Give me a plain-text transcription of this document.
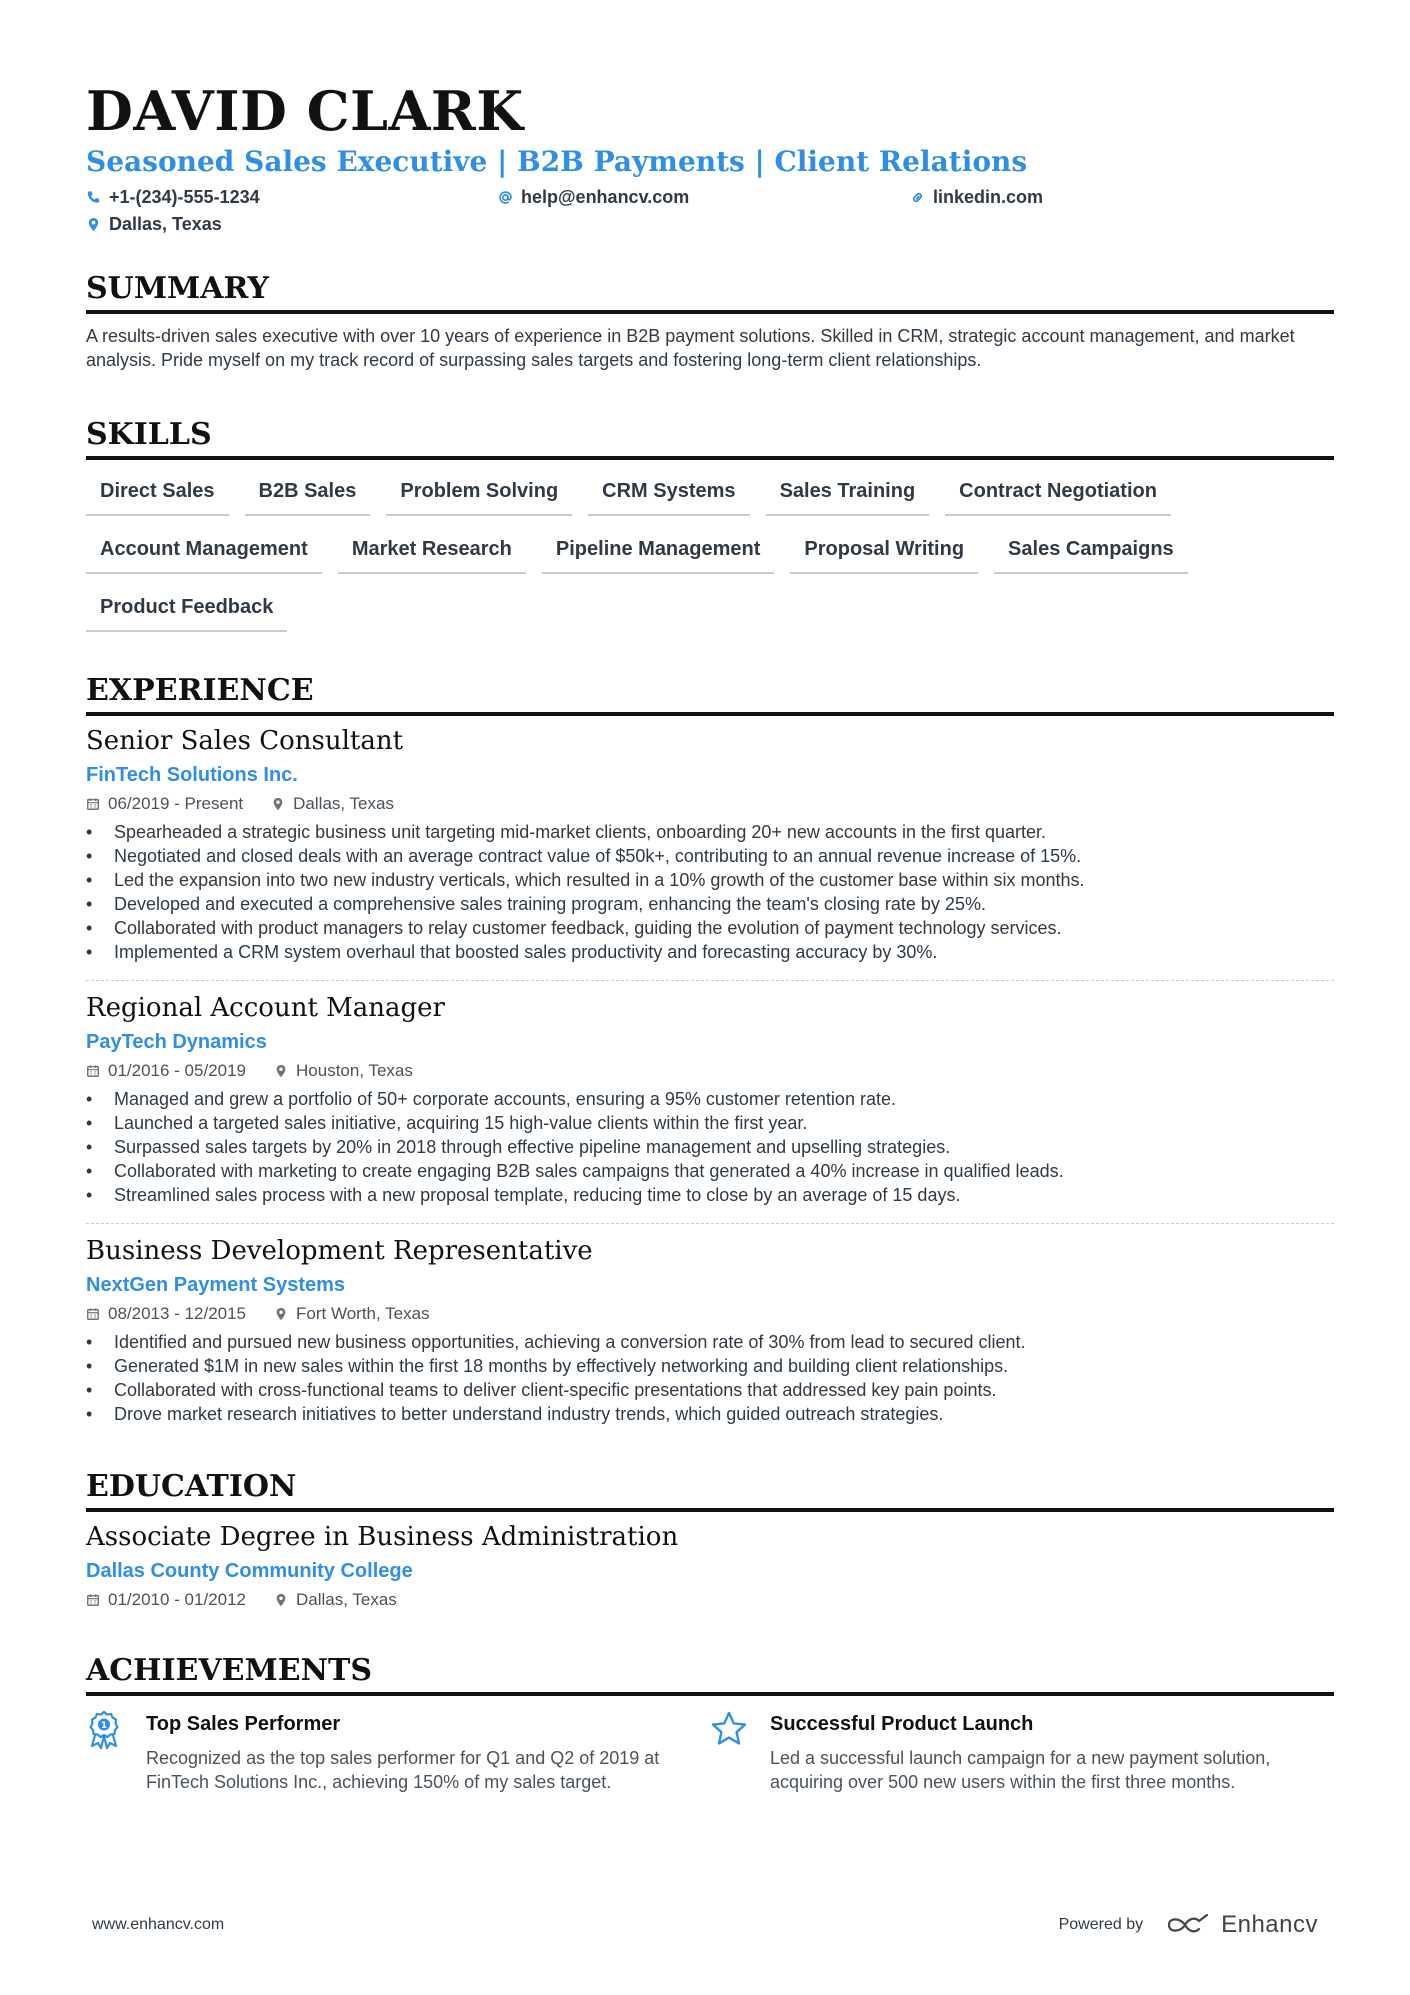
DAVID CLARK
Seasoned Sales Executive | B2B Payments | Client Relations
+1-(234)-555-1234	help@enhancv.com	linkedin.com
Dallas, Texas
SUMMARY
A results-driven sales executive with over 10 years of experience in B2B payment solutions. Skilled in CRM, strategic account management, and market analysis. Pride myself on my track record of surpassing sales targets and fostering long-term client relationships.
SKILLS
Direct Sales	B2B Sales	Problem Solving	CRM Systems	Sales Training	Contract Negotiation
Account Management	Market Research	Pipeline Management	Proposal Writing	Sales Campaigns
Product Feedback
EXPERIENCE
Senior Sales Consultant
FinTech Solutions Inc.
06/2019 - Present	Dallas, Texas
• Spearheaded a strategic business unit targeting mid-market clients, onboarding 20+ new accounts in the first quarter.
• Negotiated and closed deals with an average contract value of $50k+, contributing to an annual revenue increase of 15%.
• Led the expansion into two new industry verticals, which resulted in a 10% growth of the customer base within six months.
• Developed and executed a comprehensive sales training program, enhancing the team's closing rate by 25%.
• Collaborated with product managers to relay customer feedback, guiding the evolution of payment technology services.
• Implemented a CRM system overhaul that boosted sales productivity and forecasting accuracy by 30%.
Regional Account Manager
PayTech Dynamics
01/2016 - 05/2019	Houston, Texas
• Managed and grew a portfolio of 50+ corporate accounts, ensuring a 95% customer retention rate.
• Launched a targeted sales initiative, acquiring 15 high-value clients within the first year.
• Surpassed sales targets by 20% in 2018 through effective pipeline management and upselling strategies.
• Collaborated with marketing to create engaging B2B sales campaigns that generated a 40% increase in qualified leads.
• Streamlined sales process with a new proposal template, reducing time to close by an average of 15 days.
Business Development Representative
NextGen Payment Systems
08/2013 - 12/2015	Fort Worth, Texas
• Identified and pursued new business opportunities, achieving a conversion rate of 30% from lead to secured client.
• Generated $1M in new sales within the first 18 months by effectively networking and building client relationships.
• Collaborated with cross-functional teams to deliver client-specific presentations that addressed key pain points.
• Drove market research initiatives to better understand industry trends, which guided outreach strategies.
EDUCATION
Associate Degree in Business Administration
Dallas County Community College
01/2010 - 01/2012	Dallas, Texas
ACHIEVEMENTS
1 Top Sales Performer
Recognized as the top sales performer for Q1 and Q2 of 2019 at FinTech Solutions Inc., achieving 150% of my sales target.
Successful Product Launch
Led a successful launch campaign for a new payment solution, acquiring over 500 new users within the first three months.
www.enhancv.com	Powered by	Enhancv
